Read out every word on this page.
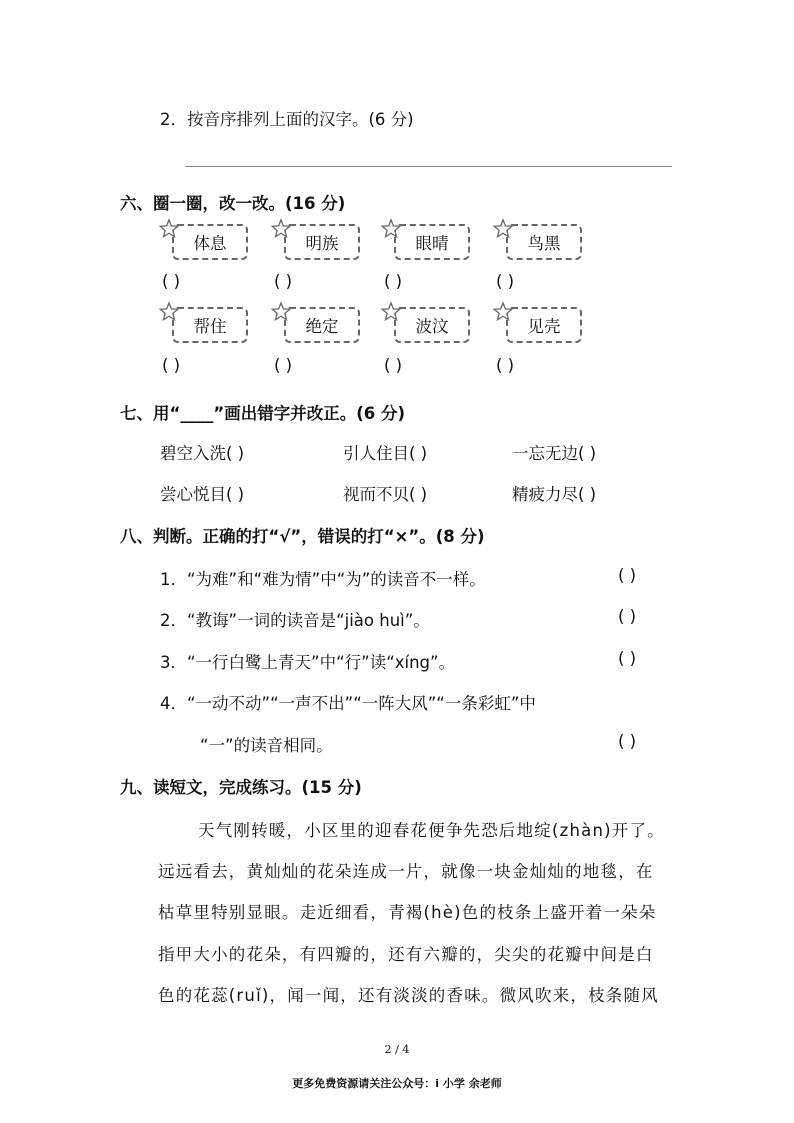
2．按音序排列上面的汉字。(6 分)
六、圈一圈，改一改。(16 分)
体息
( )
明族
( )
眼晴
( )
鸟黑
( )
帮住
( )
绝定
( )
波汶
( )
见壳
( )
七、用“____”画出错字并改正。(6 分)
碧空入洗( )	引人住目( )	一忘无边( )
尝心悦目( )	视而不贝( )	精疲力尽( )
八、判断。正确的打“√”，错误的打“×”。(8 分)
1．“为难”和“难为情”中“为”的读音不一样。	( )
2．“教诲”一词的读音是“jiào huì”。	( )
3．“一行白鹭上青天”中“行”读“xíng”。	( )
4．“一动不动”“一声不出”“一阵大风”“一条彩虹”中
“一”的读音相同。	( )
九、读短文，完成练习。(15 分)
天气刚转暖，小区里的迎春花便争先恐后地绽(zhàn)开了。
远远看去，黄灿灿的花朵连成一片，就像一块金灿灿的地毯，在
枯草里特别显眼。走近细看，青褐(hè)色的枝条上盛开着一朵朵
指甲大小的花朵，有四瓣的，还有六瓣的，尖尖的花瓣中间是白
色的花蕊(ruǐ)，闻一闻，还有淡淡的香味。微风吹来，枝条随风
2 / 4
更多免费资源请关注公众号：i 小学 余老师
